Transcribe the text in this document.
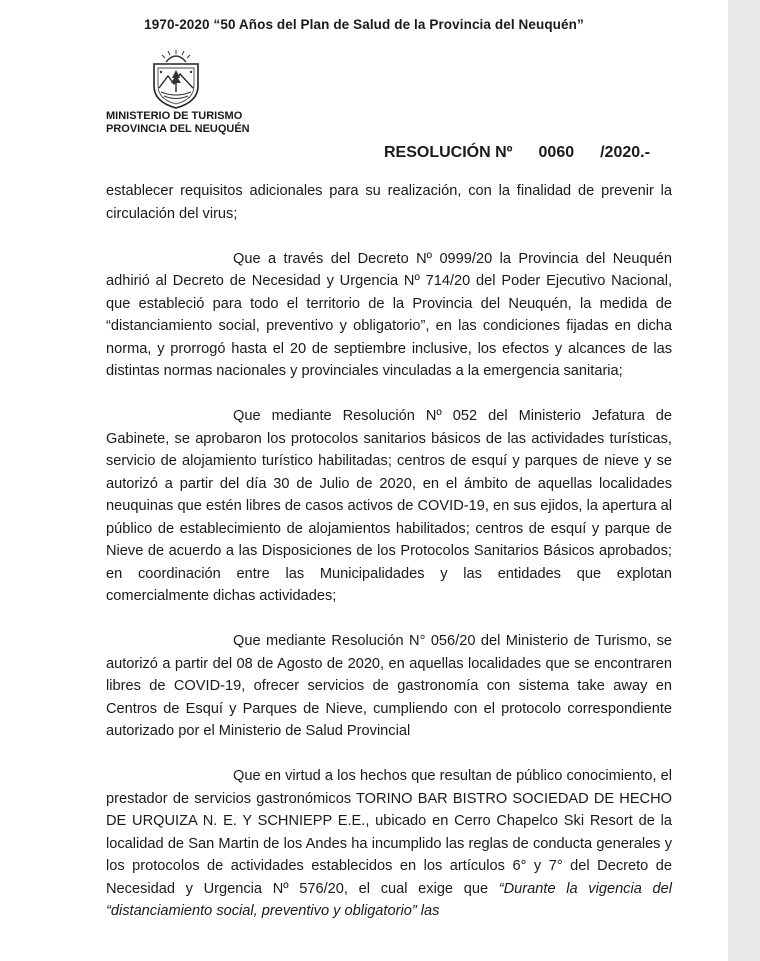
1970-2020 “50 Años del Plan de Salud de la Provincia del Neuquén”
MINISTERIO DE TURISMO
PROVINCIA DEL NEUQUÉN
RESOLUCIÓN Nº 0060 /2020.-

establecer requisitos adicionales para su realización, con la finalidad de prevenir la circulación del virus;

Que a través del Decreto Nº 0999/20 la Provincia del Neuquén adhirió al Decreto de Necesidad y Urgencia Nº 714/20 del Poder Ejecutivo Nacional, que estableció para todo el territorio de la Provincia del Neuquén, la medida de “distanciamiento social, preventivo y obligatorio”, en las condiciones fijadas en dicha norma, y prorrogó hasta el 20 de septiembre inclusive, los efectos y alcances de las distintas normas nacionales y provinciales vinculadas a la emergencia sanitaria;

Que mediante Resolución Nº 052 del Ministerio Jefatura de Gabinete, se aprobaron los protocolos sanitarios básicos de las actividades turísticas, servicio de alojamiento turístico habilitadas; centros de esquí y parques de nieve y se autorizó a partir del día 30 de Julio de 2020, en el ámbito de aquellas localidades neuquinas que estén libres de casos activos de COVID-19, en sus ejidos, la apertura al público de establecimiento de alojamientos habilitados; centros de esquí y parque de Nieve de acuerdo a las Disposiciones de los Protocolos Sanitarios Básicos aprobados; en coordinación entre las Municipalidades y las entidades que explotan comercialmente dichas actividades;

Que mediante Resolución N° 056/20 del Ministerio de Turismo, se autorizó a partir del 08 de Agosto de 2020, en aquellas localidades que se encontraren libres de COVID-19, ofrecer servicios de gastronomía con sistema take away en Centros de Esquí y Parques de Nieve, cumpliendo con el protocolo correspondiente autorizado por el Ministerio de Salud Provincial

Que en virtud a los hechos que resultan de público conocimiento, el prestador de servicios gastronómicos TORINO BAR BISTRO SOCIEDAD DE HECHO DE URQUIZA N. E. Y SCHNIEPP E.E., ubicado en Cerro Chapelco Ski Resort de la localidad de San Martin de los Andes ha incumplido las reglas de conducta generales y los protocolos de actividades establecidos en los artículos 6° y 7° del Decreto de Necesidad y Urgencia Nº 576/20, el cual exige que “Durante la vigencia del “distanciamiento social, preventivo y obligatorio” las
